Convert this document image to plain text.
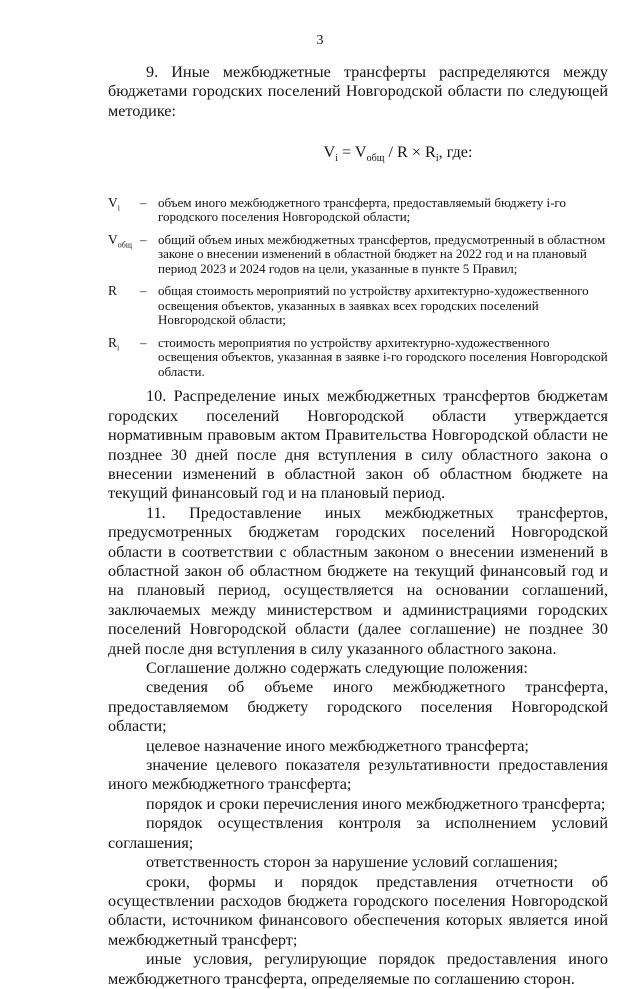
3

9. Иные межбюджетные трансферты распределяются между бюджетами городских поселений Новгородской области по следующей методике:

$V_i = V_{общ} / R \times R_i$, где:
$V_i$	– объем иного межбюджетного трансферта, предоставляемый бюджету i-го городского поселения Новгородской области;
$V_{общ}$ – общий объем иных межбюджетных трансфертов, предусмотренный в областном законе о внесении изменений в областной бюджет на 2022 год и на плановый период 2023 и 2024 годов на цели, указанные в пункте 5 Правил;
R	– общая стоимость мероприятий по устройству архитектурно-художественного освещения объектов, указанных в заявках всех городских поселений Новгородской области;
$R_i$	– стоимость мероприятия по устройству архитектурно-художественного освещения объектов, указанная в заявке i-го городского поселения Новгородской области.

10. Распределение иных межбюджетных трансфертов бюджетам городских поселений Новгородской области утверждается нормативным правовым актом Правительства Новгородской области не позднее 30 дней после дня вступления в силу областного закона о внесении изменений в областной закон об областном бюджете на текущий финансовый год и на плановый период.

11. Предоставление иных межбюджетных трансфертов, предусмотренных бюджетам городских поселений Новгородской области в соответствии с областным законом о внесении изменений в областной закон об областном бюджете на текущий финансовый год и на плановый период, осуществляется на основании соглашений, заключаемых между министерством и администрациями городских поселений Новгородской области (далее соглашение) не позднее 30 дней после дня вступления в силу указанного областного закона.

Соглашение должно содержать следующие положения:

сведения об объеме иного межбюджетного трансферта, предоставляемом бюджету городского поселения Новгородской области;

целевое назначение иного межбюджетного трансферта;

значение целевого показателя результативности предоставления иного межбюджетного трансферта;

порядок и сроки перечисления иного межбюджетного трансферта;

порядок осуществления контроля за исполнением условий соглашения;

ответственность сторон за нарушение условий соглашения;

сроки, формы и порядок представления отчетности об осуществлении расходов бюджета городского поселения Новгородской области, источником финансового обеспечения которых является иной межбюджетный трансферт;

иные условия, регулирующие порядок предоставления иного межбюджетного трансферта, определяемые по соглашению сторон.
